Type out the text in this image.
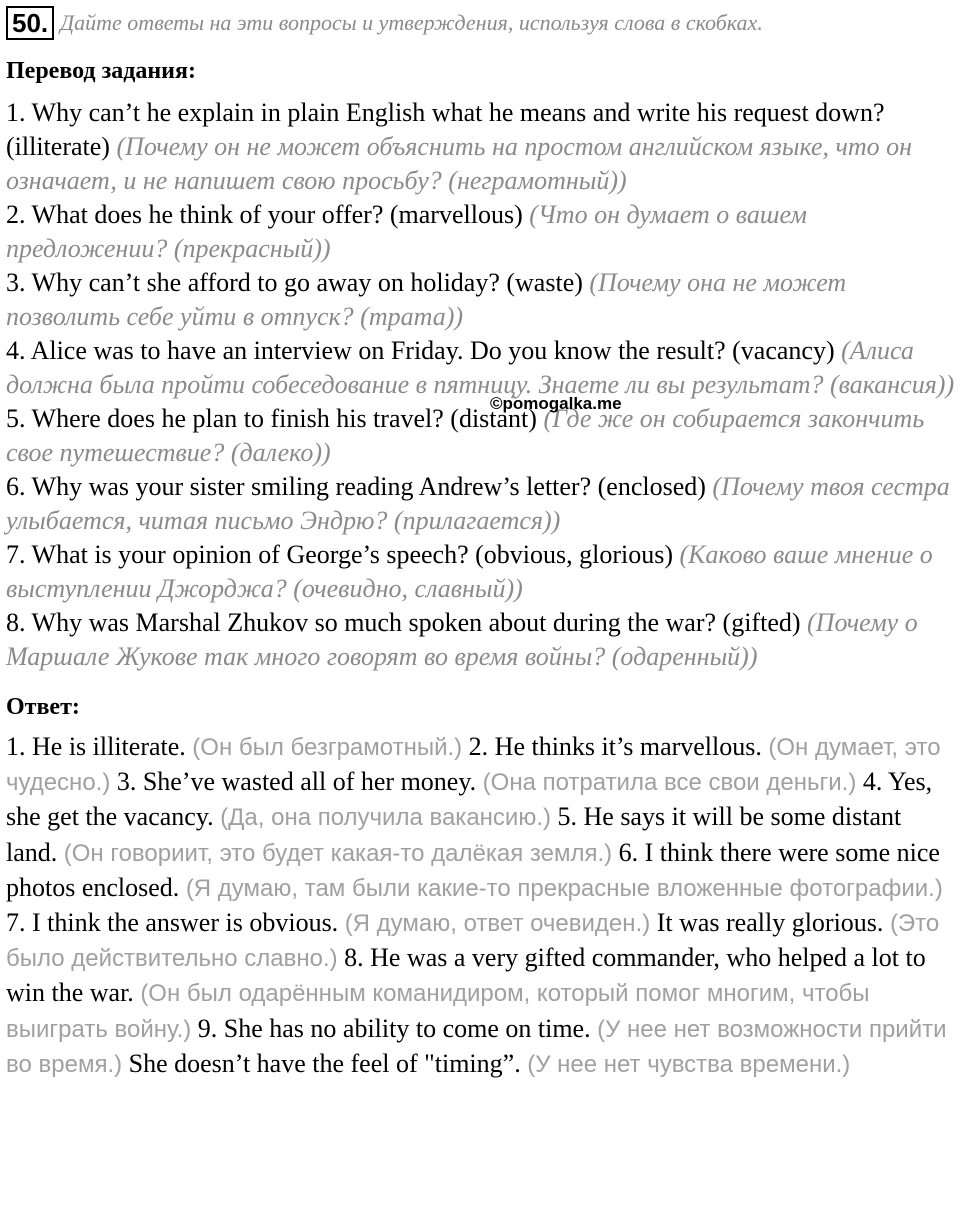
50. Дайте ответы на эти вопросы и утверждения, используя слова в скобках.
Перевод задания:

1. Why can’t he explain in plain English what he means and write his request down? (illiterate) (Почему он не может объяснить на простом английском языке, что он означает, и не напишет свою просьбу? (неграмотный))

2. What does he think of your offer? (marvellous) (Что он думает о вашем предложении? (прекрасный))

3. Why can’t she afford to go away on holiday? (waste) (Почему она не может позволить себе уйти в отпуск? (трата))

4. Alice was to have an interview on Friday. Do you know the result? (vacancy) (Алиса должна была пройти собеседование в пятницу. Знаете ли вы результат? (вакансия))

5. Where does he plan to finish his travel? (distant) (Где же он собирается закончить свое путешествие? (далеко))

6. Why was your sister smiling reading Andrew’s letter? (enclosed) (Почему твоя сестра улыбается, читая письмо Эндрю? (прилагается))

7. What is your opinion of George’s speech? (obvious, glorious) (Каково ваше мнение о выступлении Джорджа? (очевидно, славный))

8. Why was Marshal Zhukov so much spoken about during the war? (gifted) (Почему о Маршале Жукове так много говорят во время войны? (одаренный))

Ответ:

1. He is illiterate. (Он был безграмотный.) 2. He thinks it’s marvellous. (Он думает, это чудесно.) 3. She’ve wasted all of her money. (Она потратила все свои деньги.) 4. Yes, she get the vacancy. (Да, она получила вакансию.) 5. He says it will be some distant land. (Он говориит, это будет какая-то далёкая земля.) 6. I think there were some nice photos enclosed. (Я думаю, там были какие-то прекрасные вложенные фотографии.) 7. I think the answer is obvious. (Я думаю, ответ очевиден.) It was really glorious. (Это было действительно славно.) 8. He was a very gifted commander, who helped a lot to win the war. (Он был одарённым команидиром, который помог многим, чтобы выиграть войну.) 9. She has no ability to come on time. (У нее нет возможности прийти во время.) She doesn’t have the feel of "timing”. (У нее нет чувства времени.)

©pomogalka.me
